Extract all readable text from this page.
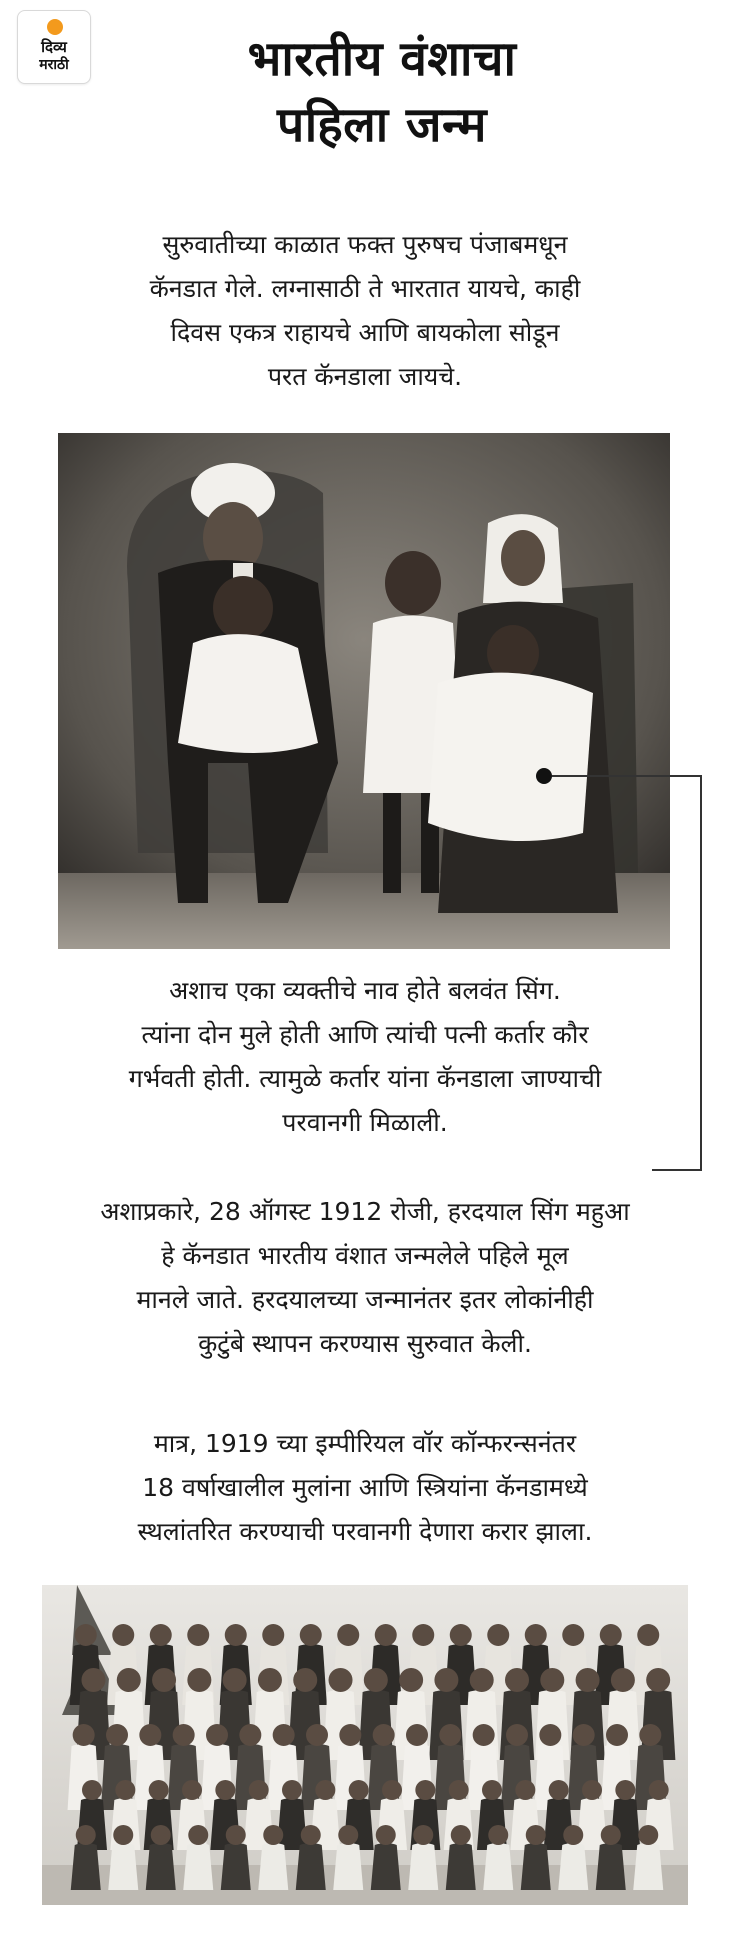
दिव्य
मराठी	भारतीय वंशाचा
पहिला जन्म
सुरुवातीच्या काळात फक्त पुरुषच पंजाबमधून
कॅनडात गेले. लग्नासाठी ते भारतात यायचे, काही
दिवस एकत्र राहायचे आणि बायकोला सोडून
परत कॅनडाला जायचे.
अशाच एका व्यक्तीचे नाव होते बलवंत सिंग.
त्यांना दोन मुले होती आणि त्यांची पत्नी कर्तार कौर
गर्भवती होती. त्यामुळे कर्तार यांना कॅनडाला जाण्याची
परवानगी मिळाली.
अशाप्रकारे, 28 ऑगस्ट 1912 रोजी, हरदयाल सिंग महुआ
हे कॅनडात भारतीय वंशात जन्मलेले पहिले मूल
मानले जाते. हरदयालच्या जन्मानंतर इतर लोकांनीही
कुटुंबे स्थापन करण्यास सुरुवात केली.
मात्र, 1919 च्या इम्पीरियल वॉर कॉन्फरन्सनंतर
18 वर्षाखालील मुलांना आणि स्त्रियांना कॅनडामध्ये
स्थलांतरित करण्याची परवानगी देणारा करार झाला.
